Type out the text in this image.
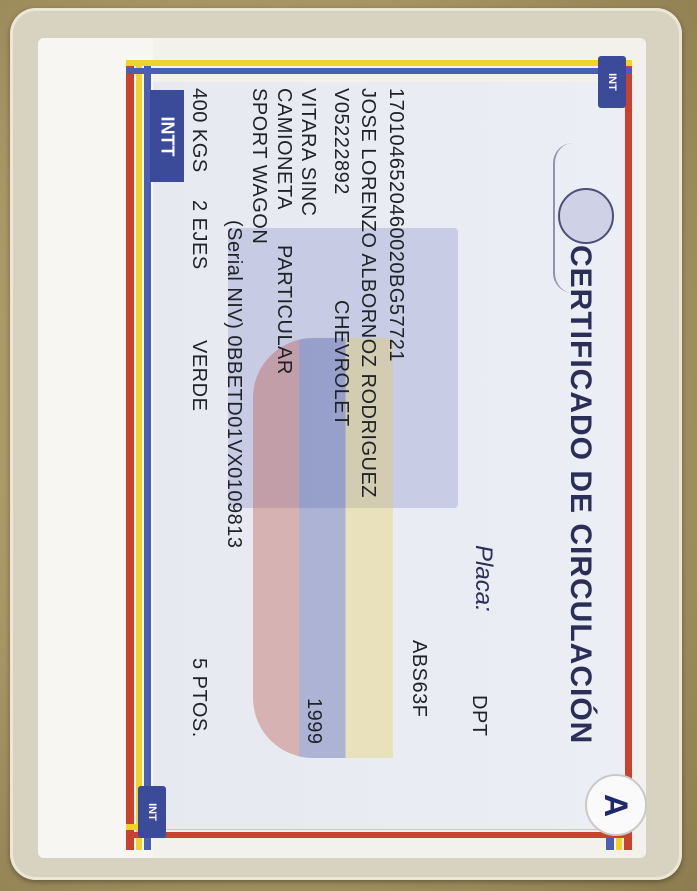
INTT
INT
INT
CERTIFICADO DE CIRCULACIÓN
Placa:
DPT
ABS63F
1701046520460020BG57721
JOSE LORENZO ALBORNOZ RODRIGUEZ
V05222892
CHEVROLET
1999
VITARA SINC
CAMIONETA
PARTICULAR
SPORT WAGON
(Serial NIV) 0BBETD01VX0109813
400 KGS
2 EJES
VERDE
5 PTOS.
A
